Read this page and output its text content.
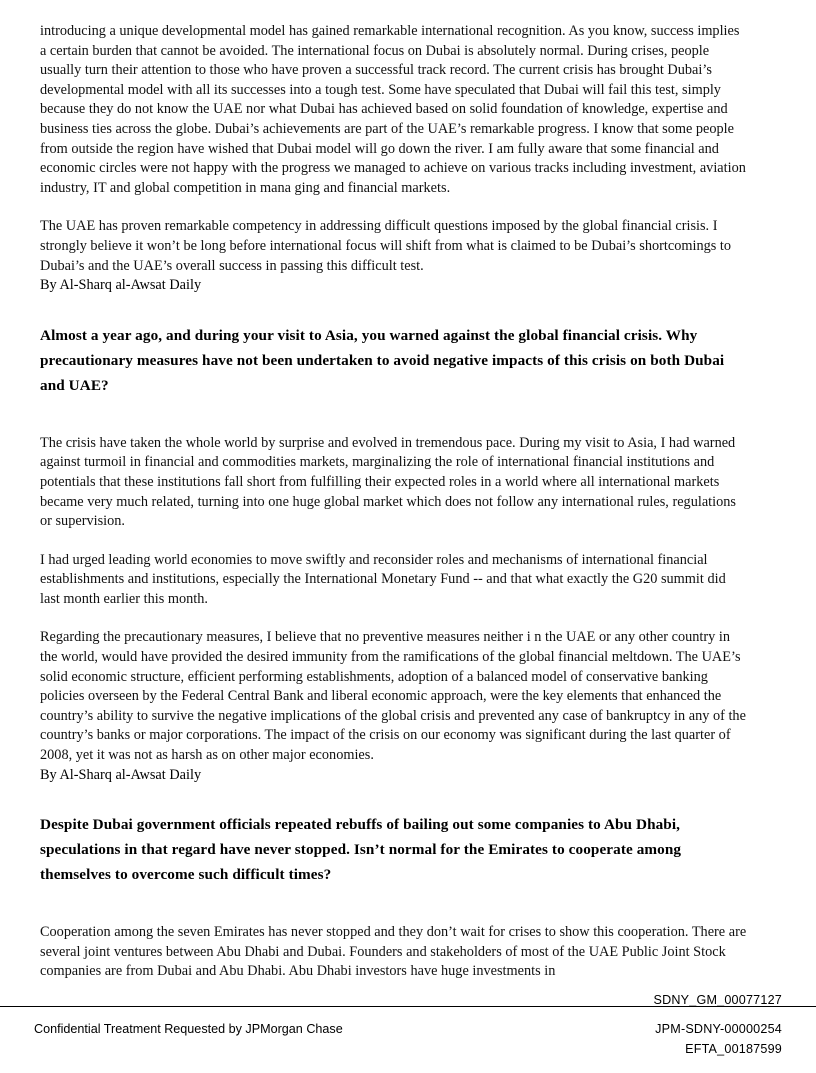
introducing a unique developmental model has gained remarkable international recognition. As you know, success implies a certain burden that cannot be avoided. The international focus on Dubai is absolutely normal. During crises, people usually turn their attention to those who have proven a successful track record. The current crisis has brought Dubai’s developmental model with all its successes into a tough test. Some have speculated that Dubai will fail this test, simply because they do not know the UAE nor what Dubai has achieved based on solid foundation of knowledge, expertise and business ties across the globe. Dubai’s achievements are part of the UAE’s remarkable progress. I know that some people from outside the region have wished that Dubai model will go down the river. I am fully aware that some financial and economic circles were not happy with the progress we managed to achieve on various tracks including investment, aviation industry, IT and global competition in mana ging and financial markets.

The UAE has proven remarkable competency in addressing difficult questions imposed by the global financial crisis. I strongly believe it won’t be long before international focus will shift from what is claimed to be Dubai’s shortcomings to Dubai’s and the UAE’s overall success in passing this difficult test.

By Al-Sharq al-Awsat Daily

Almost a year ago, and during your visit to Asia, you warned against the global financial crisis. Why precautionary measures have not been undertaken to avoid negative impacts of this crisis on both Dubai and UAE?

The crisis have taken the whole world by surprise and evolved in tremendous pace. During my visit to Asia, I had warned against turmoil in financial and commodities markets, marginalizing the role of international financial institutions and potentials that these institutions fall short from fulfilling their expected roles in a world where all international markets became very much related, turning into one huge global market which does not follow any international rules, regulations or supervision.

I had urged leading world economies to move swiftly and reconsider roles and mechanisms of international financial establishments and institutions, especially the International Monetary Fund -- and that what exactly the G20 summit did last month earlier this month.

Regarding the precautionary measures, I believe that no preventive measures neither i n the UAE or any other country in the world, would have provided the desired immunity from the ramifications of the global financial meltdown. The UAE’s solid economic structure, efficient performing establishments, adoption of a balanced model of conservative banking policies overseen by the Federal Central Bank and liberal economic approach, were the key elements that enhanced the country’s ability to survive the negative implications of the global crisis and prevented any case of bankruptcy in any of the country’s banks or major corporations. The impact of the crisis on our economy was significant during the last quarter of 2008, yet it was not as harsh as on other major economies.

By Al-Sharq al-Awsat Daily

Despite Dubai government officials repeated rebuffs of bailing out some companies to Abu Dhabi, speculations in that regard have never stopped. Isn’t normal for the Emirates to cooperate among themselves to overcome such difficult times?

Cooperation among the seven Emirates has never stopped and they don’t wait for crises to show this cooperation. There are several joint ventures between Abu Dhabi and Dubai. Founders and stakeholders of most of the UAE Public Joint Stock companies are from Dubai and Abu Dhabi. Abu Dhabi investors have huge investments in

SDNY_GM_00077127
Confidential Treatment Requested by JPMorgan Chase	JPM-SDNY-00000254
EFTA_00187599
